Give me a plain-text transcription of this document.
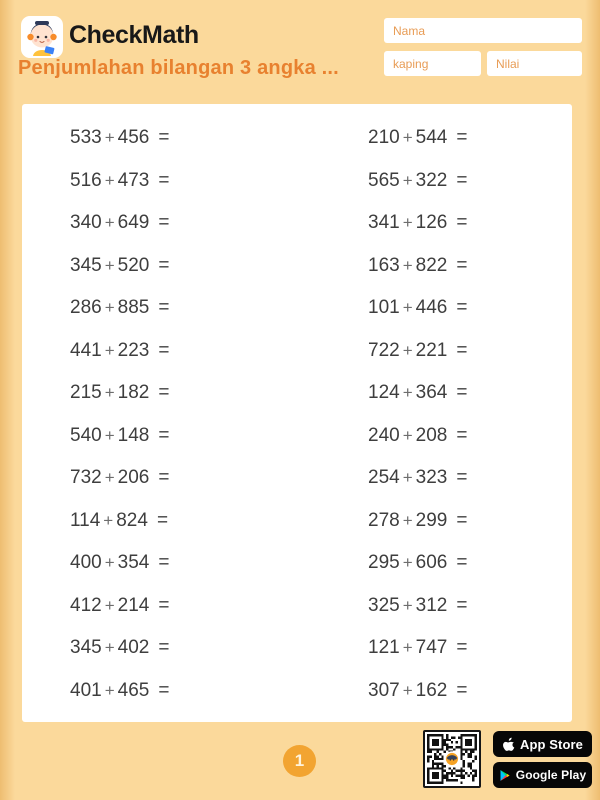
CheckMath
Penjumlahan bilangan 3 angka ...
Nama
kaping
Nilai
533 + 456 =
516 + 473 =
340 + 649 =
345 + 520 =
286 + 885 =
441 + 223 =
215 + 182 =
540 + 148 =
732 + 206 =
114 + 824 =
400 + 354 =
412 + 214 =
345 + 402 =
401 + 465 =
210 + 544 =
565 + 322 =
341 + 126 =
163 + 822 =
101 + 446 =
722 + 221 =
124 + 364 =
240 + 208 =
254 + 323 =
278 + 299 =
295 + 606 =
325 + 312 =
121 + 747 =
307 + 162 =
1
App Store
Google Play
